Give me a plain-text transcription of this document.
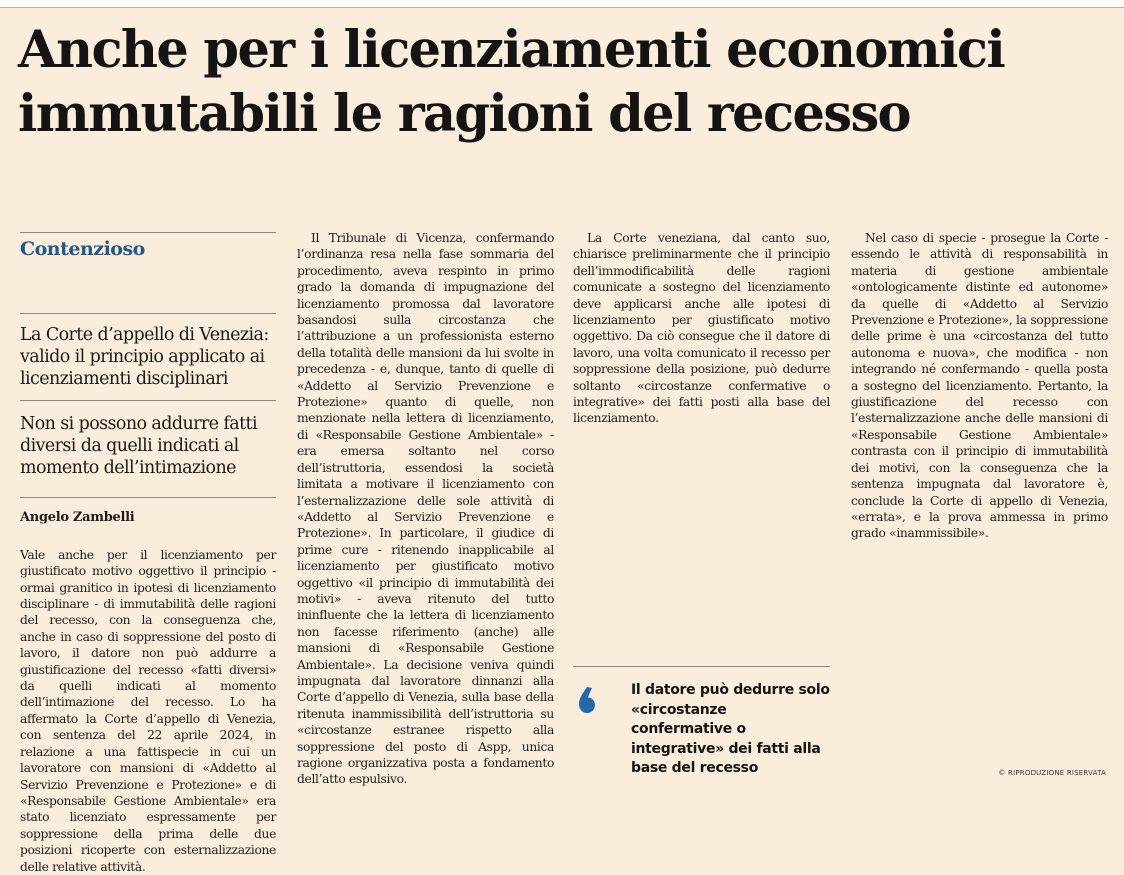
Anche per i licenziamenti economici
immutabili le ragioni del recesso
Contenzioso
La Corte d’appello di Venezia: valido il principio applicato ai licenziamenti disciplinari
Non si possono addurre fatti diversi da quelli indicati al momento dell’intimazione
Angelo Zambelli

Vale anche per il licenziamento per giustificato motivo oggettivo il principio - ormai granitico in ipotesi di licenziamento disciplinare - di immutabilità delle ragioni del recesso, con la conseguenza che, anche in caso di soppressione del posto di lavoro, il datore non può addurre a giustificazione del recesso «fatti diversi» da quelli indicati al momento dell’intimazione del recesso. Lo ha affermato la Corte d’appello di Venezia, con sentenza del 22 aprile 2024, in relazione a una fattispecie in cui un lavoratore con mansioni di «Addetto al Servizio Prevenzione e Protezione» e di «Responsabile Gestione Ambientale» era stato licenziato espressamente per soppressione della prima delle due posizioni ricoperte con esternalizzazione delle relative attività.

Il Tribunale di Vicenza, confermando l’ordinanza resa nella fase sommaria del procedimento, aveva respinto in primo grado la domanda di impugnazione del licenziamento promossa dal lavoratore basandosi sulla circostanza che l’attribuzione a un professionista esterno della totalità delle mansioni da lui svolte in precedenza - e, dunque, tanto di quelle di «Addetto al Servizio Prevenzione e Protezione» quanto di quelle, non menzionate nella lettera di licenziamento, di «Responsabile Gestione Ambientale» - era emersa soltanto nel corso dell’istruttoria, essendosi la società limitata a motivare il licenziamento con l’esternalizzazione delle sole attività di «Addetto al Servizio Prevenzione e Protezione». In particolare, il giudice di prime cure - ritenendo inapplicabile al licenziamento per giustificato motivo oggettivo «il principio di immutabilità dei motivi» - aveva ritenuto del tutto ininfluente che la lettera di licenziamento non facesse riferimento (anche) alle mansioni di «Responsabile Gestione Ambientale». La decisione veniva quindi impugnata dal lavoratore dinnanzi alla Corte d’appello di Venezia, sulla base della ritenuta inammissibilità dell’istruttoria su «circostanze estranee rispetto alla soppressione del posto di Aspp, unica ragione organizzativa posta a fondamento dell’atto espulsivo.

La Corte veneziana, dal canto suo, chiarisce preliminarmente che il principio dell’immodificabilità delle ragioni comunicate a sostegno del licenziamento deve applicarsi anche alle ipotesi di licenziamento per giustificato motivo oggettivo. Da ciò consegue che il datore di lavoro, una volta comunicato il recesso per soppressione della posizione, può dedurre soltanto «circostanze confermative o integrative» dei fatti posti alla base del licenziamento.

Il datore può dedurre solo «circostanze confermative o integrative» dei fatti alla base del recesso

Nel caso di specie - prosegue la Corte - essendo le attività di responsabilità in materia di gestione ambientale «ontologicamente distinte ed autonome» da quelle di «Addetto al Servizio Prevenzione e Protezione», la soppressione delle prime è una «circostanza del tutto autonoma e nuova», che modifica - non integrando né confermando - quella posta a sostegno del licenziamento. Pertanto, la giustificazione del recesso con l’esternalizzazione anche delle mansioni di «Responsabile Gestione Ambientale» contrasta con il principio di immutabilità dei motivi, con la conseguenza che la sentenza impugnata dal lavoratore è, conclude la Corte di appello di Venezia, «errata», e la prova ammessa in primo grado «inammissibile».

© RIPRODUZIONE RISERVATA
